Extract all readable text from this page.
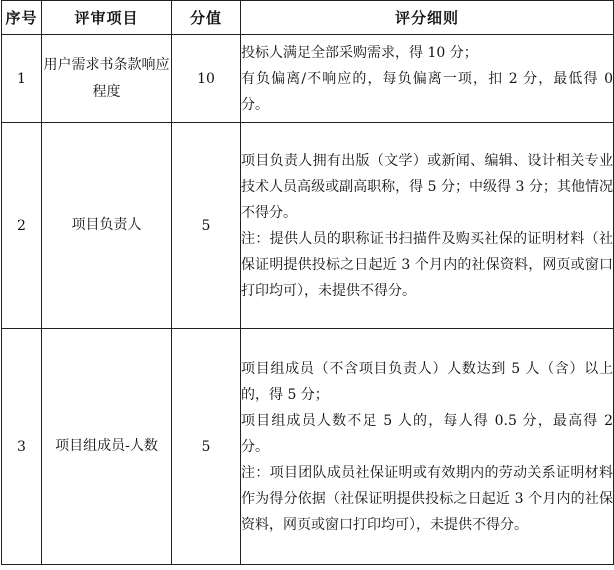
序号	评审项目	分值	评分细则
1	用户需求书条款响应程度	10	投标人满足全部采购需求，得 10 分；

有负偏离/不响应的，每负偏离一项，扣 2 分，最低得 0 分。

2	项目负责人	5	项目负责人拥有出版（文学）或新闻、编辑、设计相关专业技术人员高级或副高职称，得 5 分；中级得 3 分；其他情况不得分。

注：提供人员的职称证书扫描件及购买社保的证明材料（社保证明提供投标之日起近 3 个月内的社保资料，网页或窗口打印均可），未提供不得分。

3	项目组成员-人数	5	项目组成员（不含项目负责人）人数达到 5 人（含）以上的，得 5 分；

项目组成员人数不足 5 人的，每人得 0.5 分，最高得 2 分。

注：项目团队成员社保证明或有效期内的劳动关系证明材料作为得分依据（社保证明提供投标之日起近 3 个月内的社保资料，网页或窗口打印均可），未提供不得分。
